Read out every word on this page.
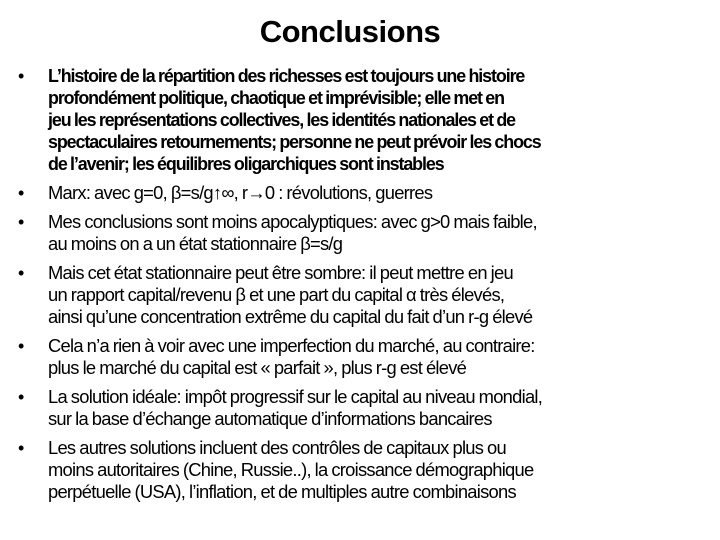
Conclusions
• L’histoire de la répartition des richesses est toujours une histoire
profondément politique, chaotique et imprévisible; elle met en
jeu les représentations collectives, les identités nationales et de
spectaculaires retournements; personne ne peut prévoir les chocs
de l’avenir; les équilibres oligarchiques sont instables
• Marx: avec g=0, β=s/g↑∞, r→0 : révolutions, guerres
• Mes conclusions sont moins apocalyptiques: avec g>0 mais faible,
au moins on a un état stationnaire β=s/g
• Mais cet état stationnaire peut être sombre: il peut mettre en jeu
un rapport capital/revenu β et une part du capital α très élevés,
ainsi qu’une concentration extrême du capital du fait d’un r-g élevé
• Cela n’a rien à voir avec une imperfection du marché, au contraire:
plus le marché du capital est « parfait », plus r-g est élevé
• La solution idéale: impôt progressif sur le capital au niveau mondial,
sur la base d’échange automatique d’informations bancaires
• Les autres solutions incluent des contrôles de capitaux plus ou
moins autoritaires (Chine, Russie..), la croissance démographique
perpétuelle (USA), l’inflation, et de multiples autre combinaisons
